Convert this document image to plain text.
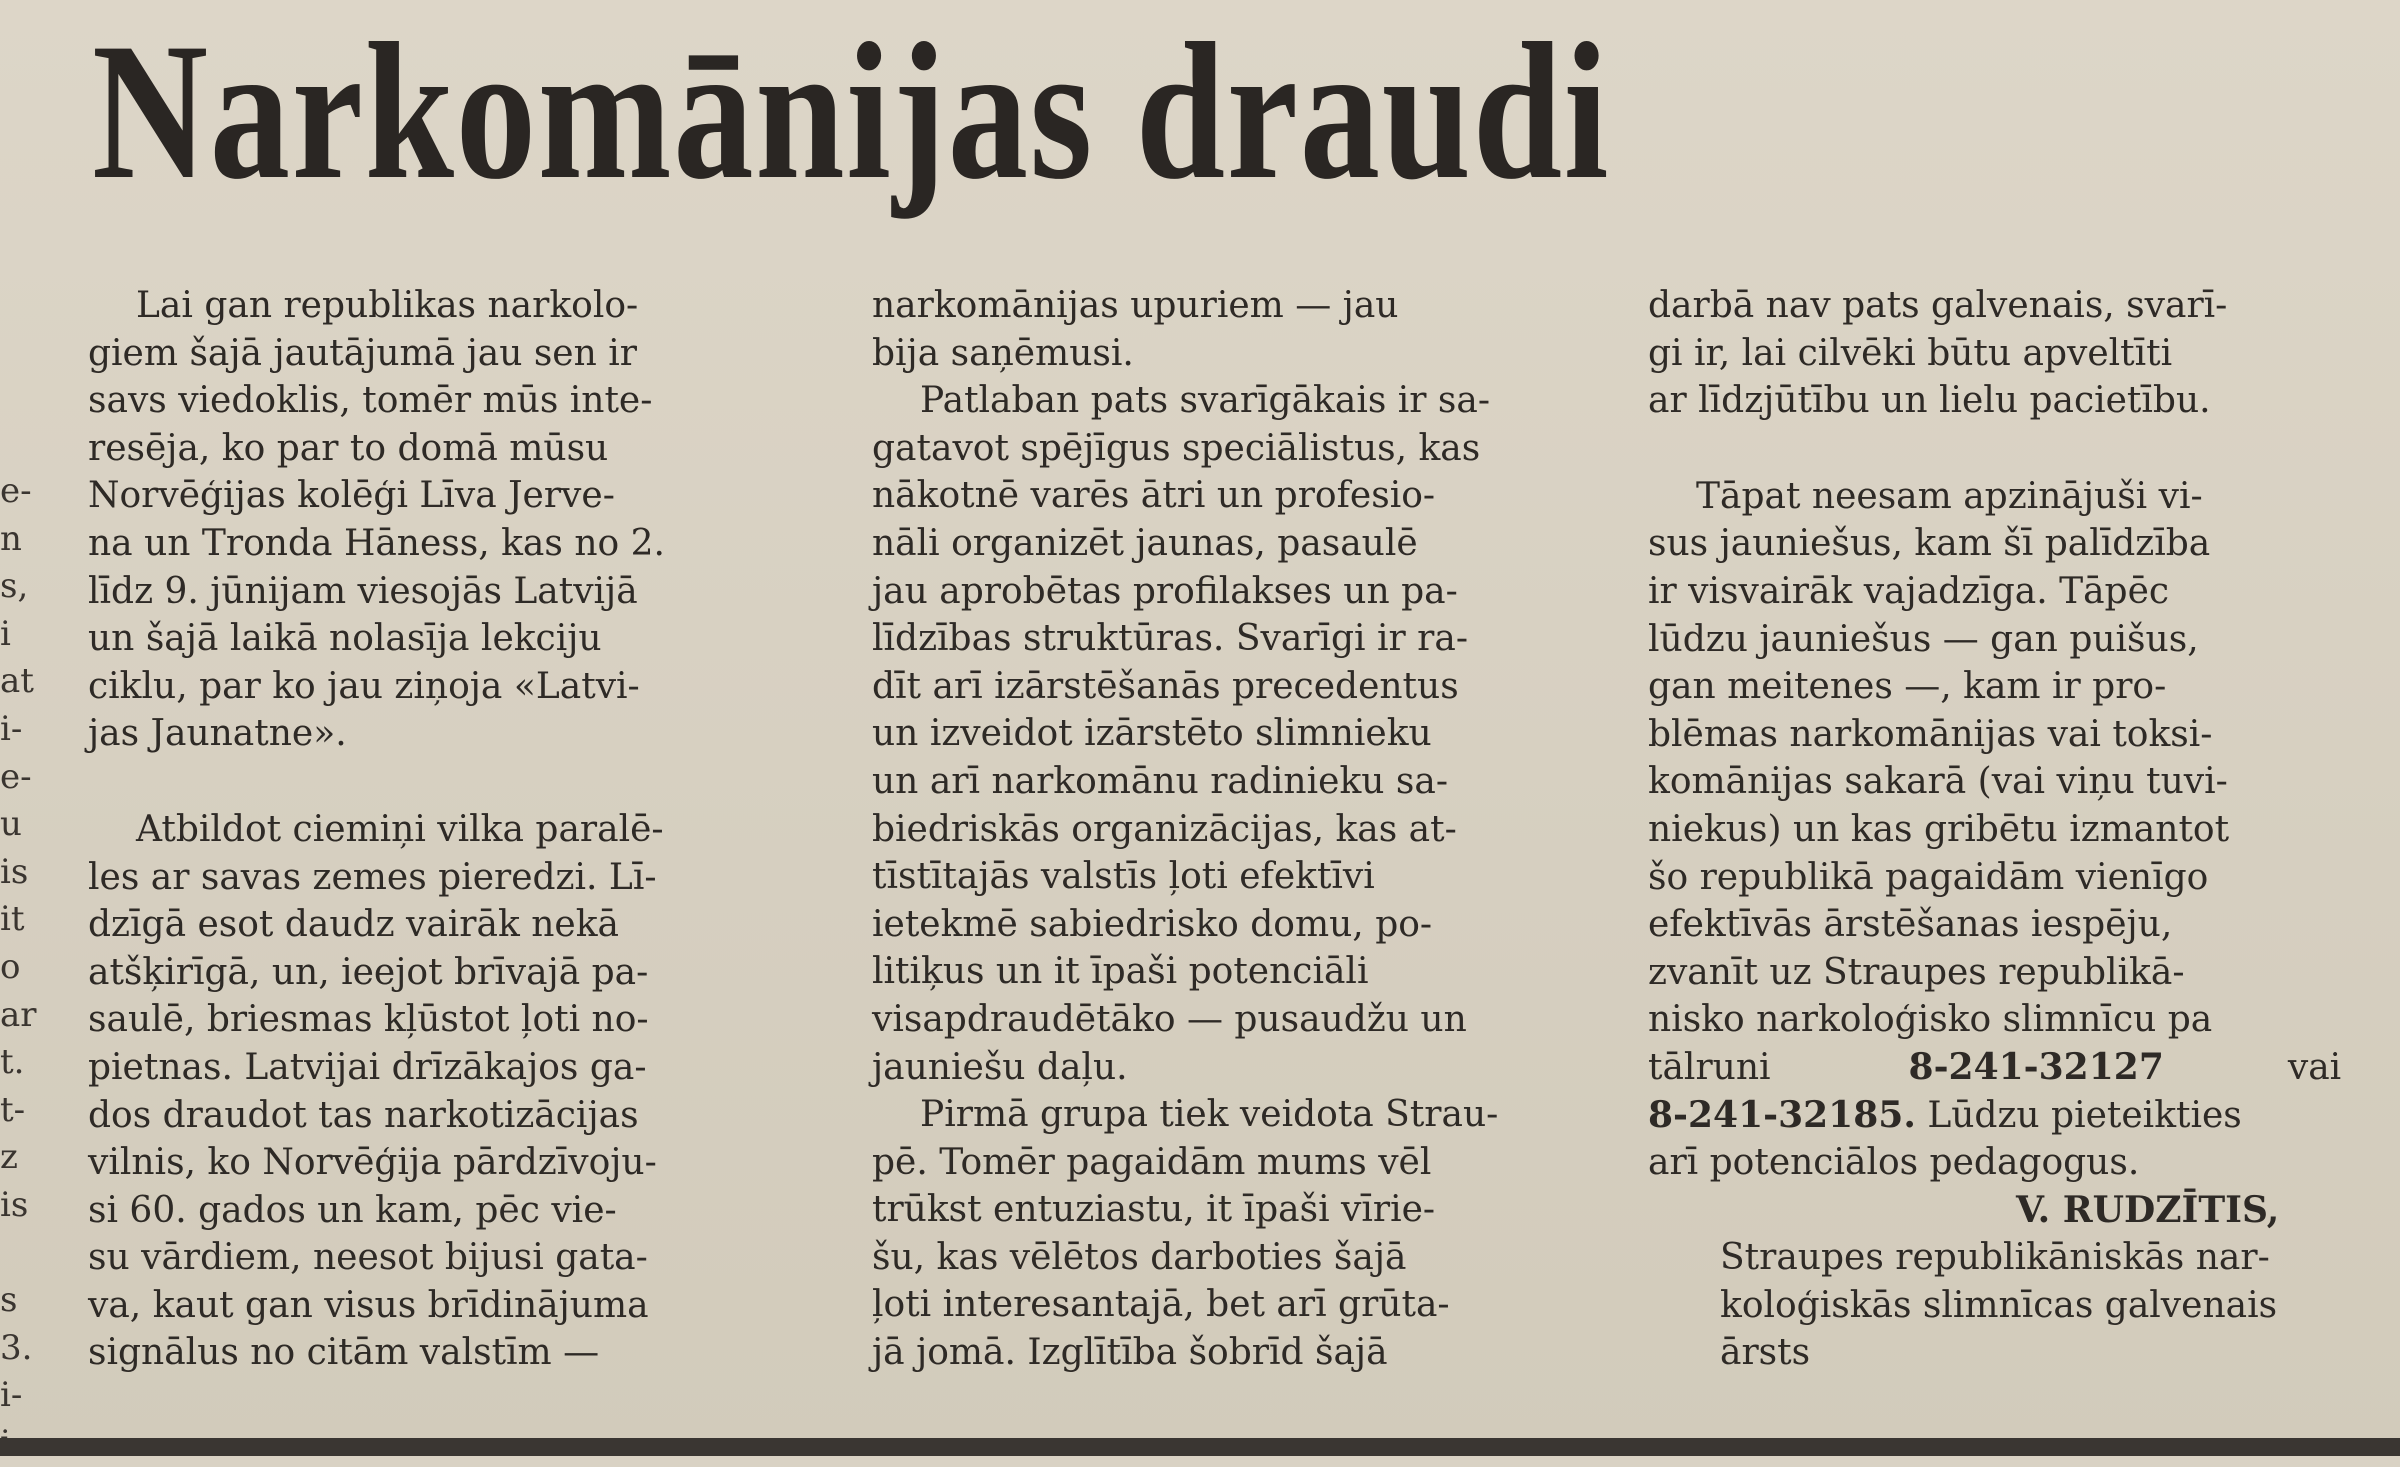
Narkomānijas draudi

e-

n

s,

i

at

i-

e-

u

is

it

o

ar

t.

t-

z

is

s

3.

i-

Lai gan republikas narkolo-

giem šajā jautājumā jau sen ir

savs viedoklis, tomēr mūs inte-

resēja, ko par to domā mūsu

Norvēģijas kolēģi Līva Jerve-

na un Tronda Hāness, kas no 2.

līdz 9. jūnijam viesojās Latvijā

un šajā laikā nolasīja lekciju

ciklu, par ko jau ziņoja «Latvi-

jas Jaunatne».

Atbildot ciemiņi vilka paralē-

les ar savas zemes pieredzi. Lī-

dzīgā esot daudz vairāk nekā

atšķirīgā, un, ieejot brīvajā pa-

saulē, briesmas kļūstot ļoti no-

pietnas. Latvijai drīzākajos ga-

dos draudot tas narkotizācijas

vilnis, ko Norvēģija pārdzīvoju-

si 60. gados un kam, pēc vie-

su vārdiem, neesot bijusi gata-

va, kaut gan visus brīdinājuma

signālus no citām valstīm —

narkomānijas upuriem — jau

bija saņēmusi.

Patlaban pats svarīgākais ir sa-

gatavot spējīgus speciālistus, kas

nākotnē varēs ātri un profesio-

nāli organizēt jaunas, pasaulē

jau aprobētas profilakses un pa-

līdzības struktūras. Svarīgi ir ra-

dīt arī izārstēšanās precedentus

un izveidot izārstēto slimnieku

un arī narkomānu radinieku sa-

biedriskās organizācijas, kas at-

tīstītajās valstīs ļoti efektīvi

ietekmē sabiedrisko domu, po-

litiķus un it īpaši potenciāli

visapdraudētāko — pusaudžu un

jauniešu daļu.

Pirmā grupa tiek veidota Strau-

pē. Tomēr pagaidām mums vēl

trūkst entuziastu, it īpaši vīrie-

šu, kas vēlētos darboties šajā

ļoti interesantajā, bet arī grūta-

jā jomā. Izglītība šobrīd šajā

darbā nav pats galvenais, svarī-

gi ir, lai cilvēki būtu apveltīti

ar līdzjūtību un lielu pacietību.

Tāpat neesam apzinājuši vi-

sus jauniešus, kam šī palīdzība

ir visvairāk vajadzīga. Tāpēc

lūdzu jauniešus — gan puišus,

gan meitenes —, kam ir pro-

blēmas narkomānijas vai toksi-

komānijas sakarā (vai viņu tuvi-

niekus) un kas gribētu izmantot

šo republikā pagaidām vienīgo

efektīvās ārstēšanas iespēju,

zvanīt uz Straupes republikā-

nisko narkoloģisko slimnīcu pa

tālruni	8-241-32127	vai

8-241-32185. Lūdzu pieteikties

arī potenciālos pedagogus.

V. RUDZĪTIS,

Straupes republikāniskās nar-

koloģiskās slimnīcas galvenais

ārsts
